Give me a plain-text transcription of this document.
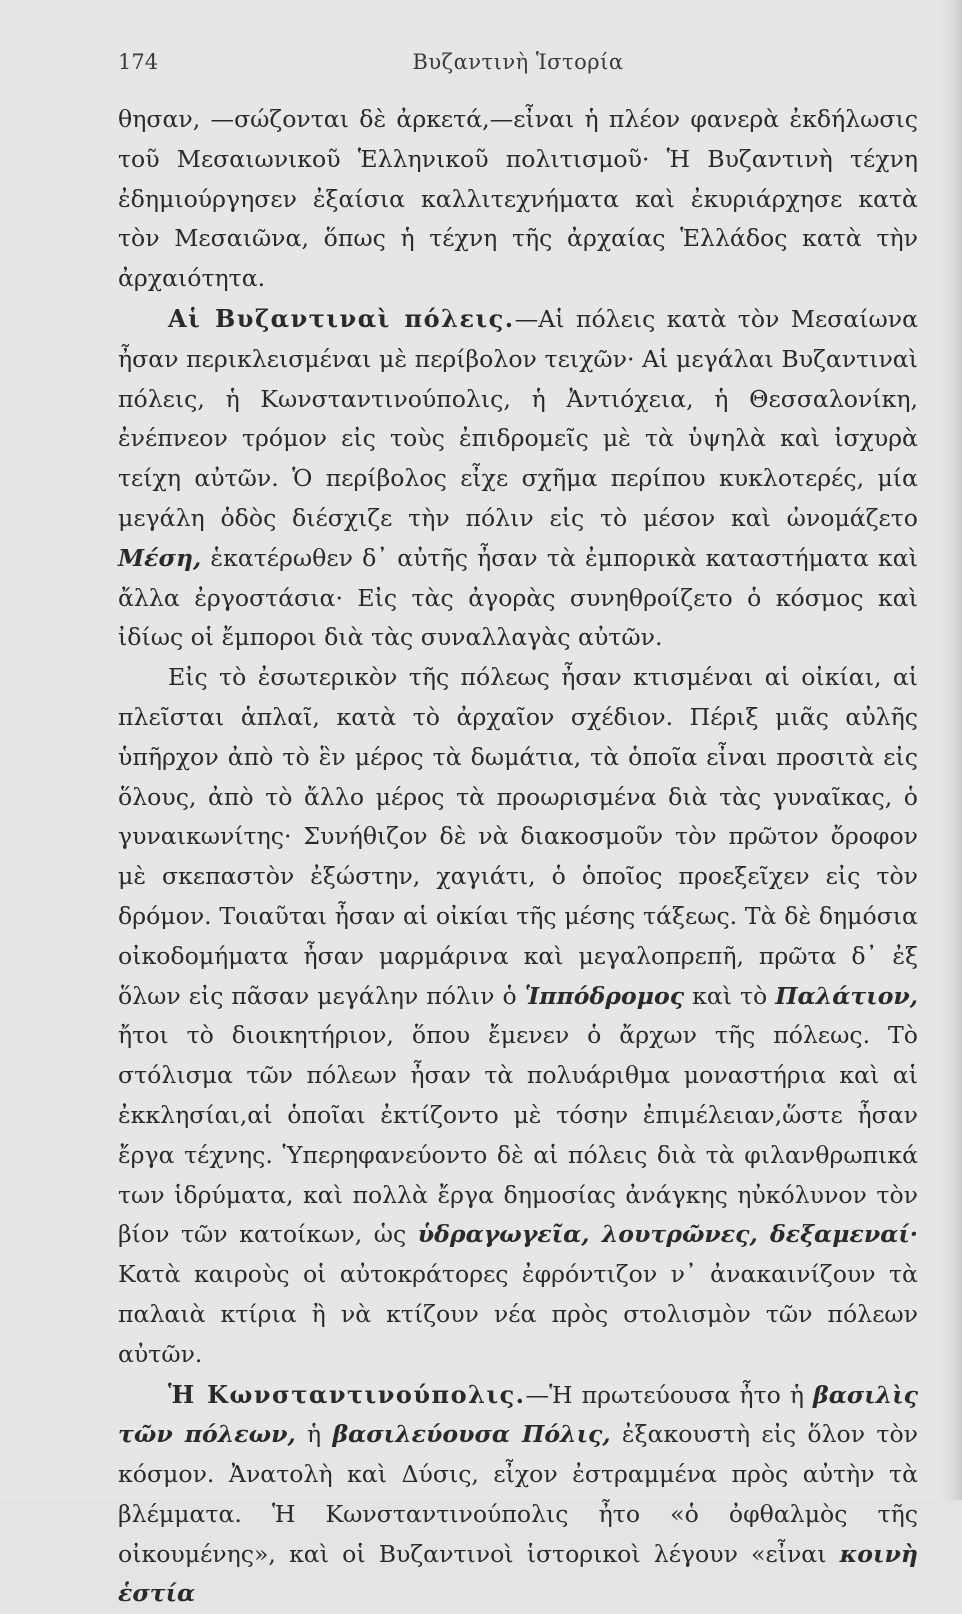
174	Βυζαντινὴ Ἱστορία

θησαν, —σώζονται δὲ ἀρκετά,—εἶναι ἡ πλέον φανερὰ ἐκδήλωσις τοῦ Μεσαιωνικοῦ Ἑλληνικοῦ πολιτισμοῦ· Ἡ Βυζαντινὴ τέχνη ἐδημιούργησεν ἐξαίσια καλλιτεχνήματα καὶ ἐκυριάρχησε κατὰ τὸν Μεσαιῶνα, ὅπως ἡ τέχνη τῆς ἀρχαίας Ἑλλάδος κατὰ τὴν ἀρχαιότητα.

Αἱ Βυζαντιναὶ πόλεις.—Αἱ πόλεις κατὰ τὸν Μεσαίωνα ἦσαν περικλεισμέναι μὲ περίβολον τειχῶν· Αἱ μεγάλαι Βυζαντιναὶ πόλεις, ἡ Κωνσταντινούπολις, ἡ Ἀντιόχεια, ἡ Θεσσαλονίκη, ἐνέπνεον τρόμον εἰς τοὺς ἐπιδρομεῖς μὲ τὰ ὑψηλὰ καὶ ἰσχυρὰ τείχη αὐτῶν. Ὁ περίβολος εἶχε σχῆμα περίπου κυκλοτερές, μία μεγάλη ὁδὸς διέσχιζε τὴν πόλιν εἰς τὸ μέσον καὶ ὠνομάζετο Μέση, ἑκατέρωθεν δ᾽ αὐτῆς ἦσαν τὰ ἐμπορικὰ καταστήματα καὶ ἄλλα ἐργοστάσια· Εἰς τὰς ἀγορὰς συνηθροίζετο ὁ κόσμος καὶ ἰδίως οἱ ἔμποροι διὰ τὰς συναλλαγὰς αὐτῶν.

Εἰς τὸ ἐσωτερικὸν τῆς πόλεως ἦσαν κτισμέναι αἱ οἰκίαι, αἱ πλεῖσται ἁπλαῖ, κατὰ τὸ ἀρχαῖον σχέδιον. Πέριξ μιᾶς αὐλῆς ὑπῆρχον ἀπὸ τὸ ἓν μέρος τὰ δωμάτια, τὰ ὁποῖα εἶναι προσιτὰ εἰς ὅλους, ἀπὸ τὸ ἄλλο μέρος τὰ προωρισμένα διὰ τὰς γυναῖκας, ὁ γυναικωνίτης· Συνήθιζον δὲ νὰ διακοσμοῦν τὸν πρῶτον ὄροφον μὲ σκεπαστὸν ἐξώστην, χαγιάτι, ὁ ὁποῖος προεξεῖχεν εἰς τὸν δρόμον. Τοιαῦται ἦσαν αἱ οἰκίαι τῆς μέσης τάξεως. Τὰ δὲ δημόσια οἰκοδομήματα ἦσαν μαρμάρινα καὶ μεγαλοπρεπῆ, πρῶτα δ᾽ ἐξ ὅλων εἰς πᾶσαν μεγάλην πόλιν ὁ Ἱππόδρομος καὶ τὸ Παλάτιον, ἤτοι τὸ διοικητήριον, ὅπου ἔμενεν ὁ ἄρχων τῆς πόλεως. Τὸ στόλισμα τῶν πόλεων ἦσαν τὰ πολυάριθμα μοναστήρια καὶ αἱ ἐκκλησίαι,αἱ ὁποῖαι ἐκτίζοντο μὲ τόσην ἐπιμέλειαν,ὥστε ἦσαν ἔργα τέχνης. Ὑπερηφανεύοντο δὲ αἱ πόλεις διὰ τὰ φιλανθρωπικά των ἱδρύματα, καὶ πολλὰ ἔργα δημοσίας ἀνάγκης ηὐκόλυνον τὸν βίον τῶν κατοίκων, ὡς ὑδραγωγεῖα, λουτρῶνες, δεξαμεναί· Κατὰ καιροὺς οἱ αὐτοκράτορες ἐφρόντιζον ν᾽ ἀνακαινίζουν τὰ παλαιὰ κτίρια ἢ νὰ κτίζουν νέα πρὸς στολισμὸν τῶν πόλεων αὐτῶν.

Ἡ Κωνσταντινούπολις.—Ἡ πρωτεύουσα ἦτο ἡ βασιλὶς τῶν πόλεων, ἡ βασιλεύουσα Πόλις, ἐξακουστὴ εἰς ὅλον τὸν κόσμον. Ἀνατολὴ καὶ Δύσις, εἶχον ἐστραμμένα πρὸς αὐτὴν τὰ βλέμματα. Ἡ Κωνσταντινούπολις ἦτο «ὁ ὀφθαλμὸς τῆς οἰκουμένης», καὶ οἱ Βυζαντινοὶ ἱστορικοὶ λέγουν «εἶναι κοινὴ ἑστία
